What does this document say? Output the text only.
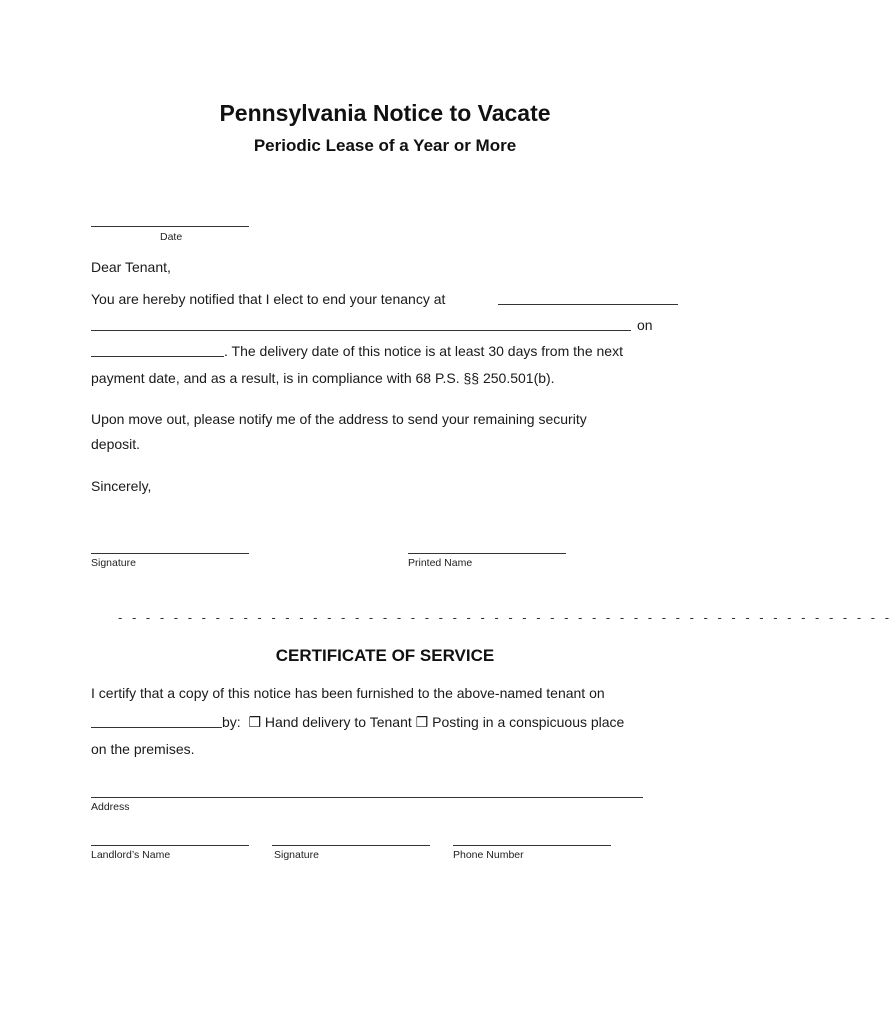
Pennsylvania Notice to Vacate
Periodic Lease of a Year or More
Date
Dear Tenant,
You are hereby notified that I elect to end your tenancy at
on
. The delivery date of this notice is at least 30 days from the next
payment date, and as a result, is in compliance with 68 P.S. §§ 250.501(b).
Upon move out, please notify me of the address to send your remaining security
deposit.
Sincerely,
Signature	Printed Name
- - - - - - - - - - - - - - - - - - - - - - - - - - - - - - - - - - - - - - - - - - - - - - - - - - - - - - - -
CERTIFICATE OF SERVICE
I certify that a copy of this notice has been furnished to the above-named tenant on
by: ❒ Hand delivery to Tenant ❒ Posting in a conspicuous place
on the premises.
Address
Landlord’s Name	Signature	Phone Number
